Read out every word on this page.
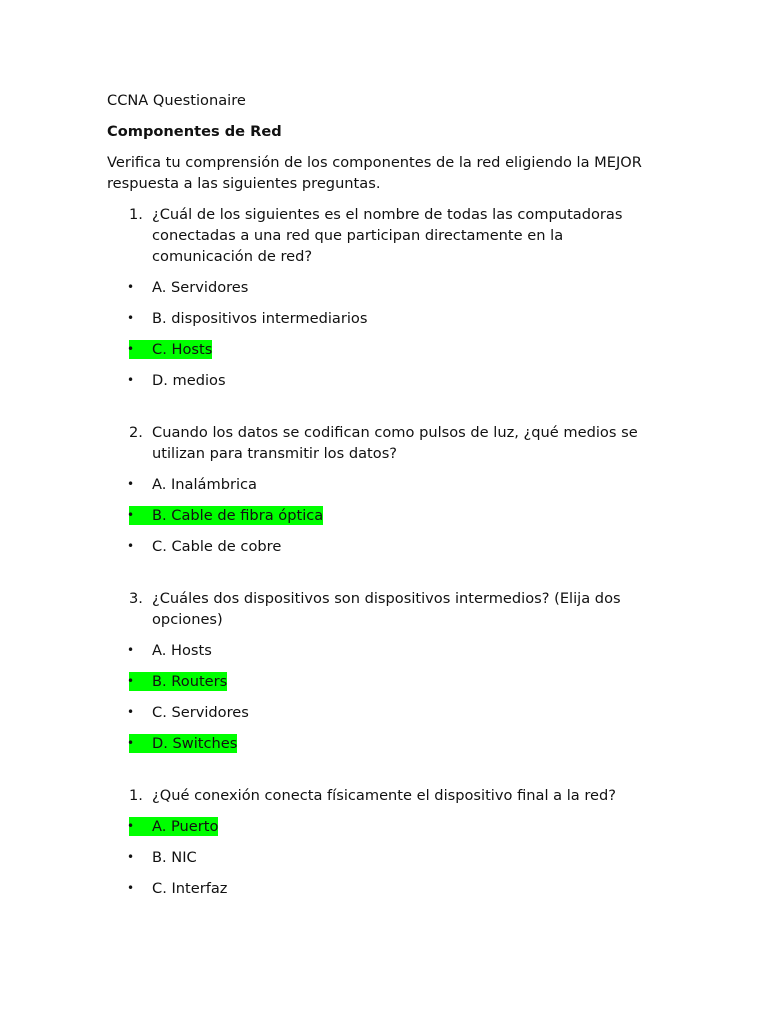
CCNA Questionaire

Componentes de Red

Verifica tu comprensión de los componentes de la red eligiendo la MEJOR respuesta a las siguientes preguntas.

1. ¿Cuál de los siguientes es el nombre de todas las computadoras conectadas a una red que participan directamente en la comunicación de red?
• A. Servidores
• B. dispositivos intermediarios
• C. Hosts
• D. medios
2. Cuando los datos se codifican como pulsos de luz, ¿qué medios se utilizan para transmitir los datos?
• A. Inalámbrica
• B. Cable de fibra óptica
• C. Cable de cobre
3. ¿Cuáles dos dispositivos son dispositivos intermedios? (Elija dos opciones)
• A. Hosts
• B. Routers
• C. Servidores
• D. Switches
1. ¿Qué conexión conecta físicamente el dispositivo final a la red?
• A. Puerto
• B. NIC
• C. Interfaz
